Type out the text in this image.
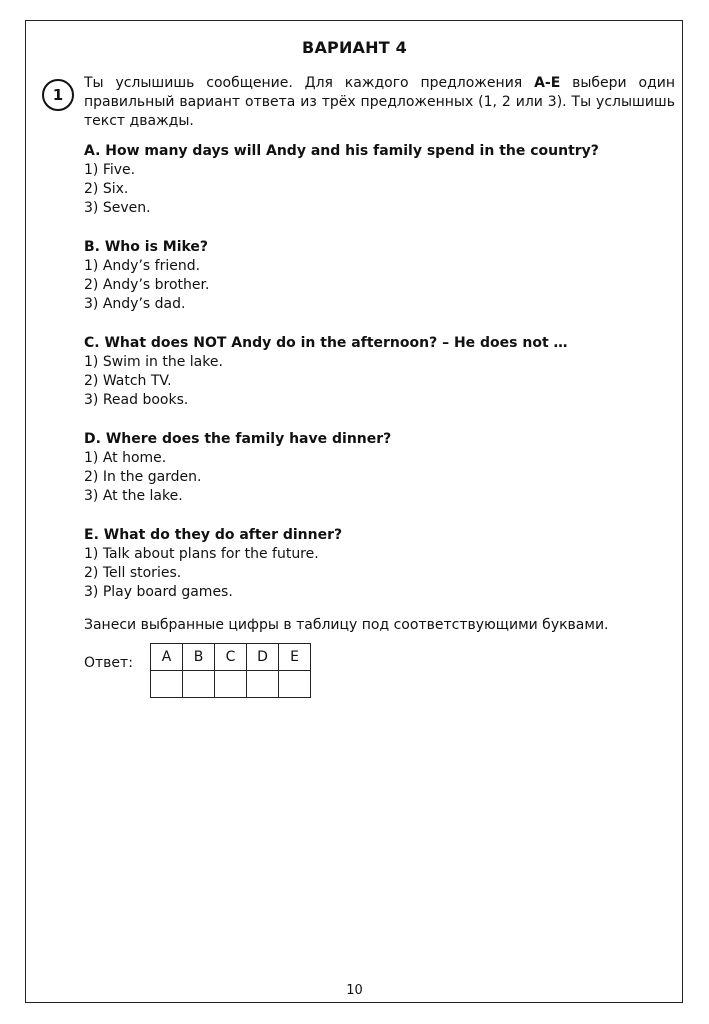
ВАРИАНТ 4
1
Ты услышишь сообщение. Для каждого предложения А-Е выбери один правильный вариант ответа из трёх предложенных (1, 2 или 3). Ты услышишь текст дважды.
A. How many days will Andy and his family spend in the country?
1) Five.
2) Six.
3) Seven.
B. Who is Mike?
1) Andy’s friend.
2) Andy’s brother.
3) Andy’s dad.
C. What does NOT Andy do in the afternoon? – He does not …
1) Swim in the lake.
2) Watch TV.
3) Read books.
D. Where does the family have dinner?
1) At home.
2) In the garden.
3) At the lake.
E. What do they do after dinner?
1) Talk about plans for the future.
2) Tell stories.
3) Play board games.
Занеси выбранные цифры в таблицу под соответствующими буквами.
Ответ: A	B	C	D	E

10
